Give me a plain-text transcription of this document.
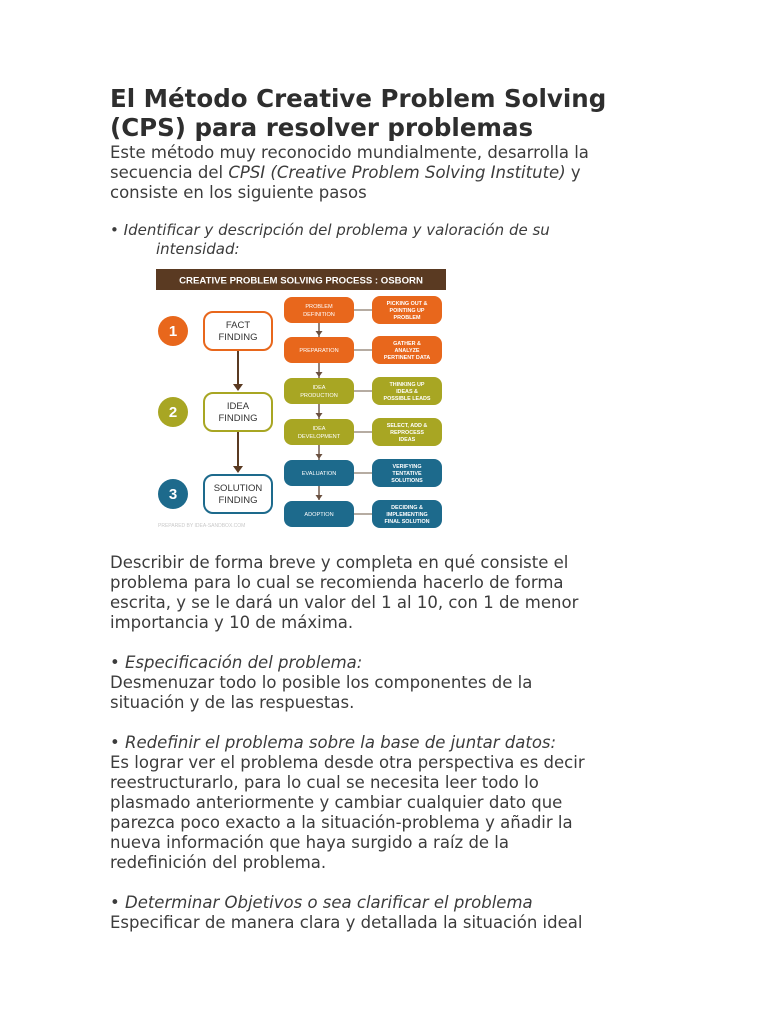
El Método Creative Problem Solving
(CPS) para resolver problemas

Este método muy reconocido mundialmente, desarrolla la
secuencia del CPSI (Creative Problem Solving Institute) y
consiste en los siguiente pasos

• Identificar y descripción del problema y valoración de su
intensidad:

CREATIVE PROBLEM SOLVING PROCESS : OSBORN
1	FACT
FINDING
2	IDEA
FINDING
3	SOLUTION
FINDING
PROBLEM
DEFINITION
PICKING OUT &
POINTING UP
PROBLEM
PREPARATION
GATHER &
ANALYZE
PERTINENT DATA
IDEA
PRODUCTION
THINKING UP
IDEAS &
POSSIBLE LEADS
IDEA
DEVELOPMENT
SELECT, ADD &
REPROCESS
IDEAS
EVALUATION
VERIFYING
TENTATIVE
SOLUTIONS
ADOPTION
DECIDING &
IMPLEMENTING
FINAL SOLUTION
PREPARED BY IDEA-SANDBOX.COM

Describir de forma breve y completa en qué consiste el
problema para lo cual se recomienda hacerlo de forma
escrita, y se le dará un valor del 1 al 10, con 1 de menor
importancia y 10 de máxima.

• Especificación del problema:
Desmenuzar todo lo posible los componentes de la
situación y de las respuestas.

• Redefinir el problema sobre la base de juntar datos:
Es lograr ver el problema desde otra perspectiva es decir
reestructurarlo, para lo cual se necesita leer todo lo
plasmado anteriormente y cambiar cualquier dato que
parezca poco exacto a la situación-problema y añadir la
nueva información que haya surgido a raíz de la
redefinición del problema.

• Determinar Objetivos o sea clarificar el problema
Especificar de manera clara y detallada la situación ideal
